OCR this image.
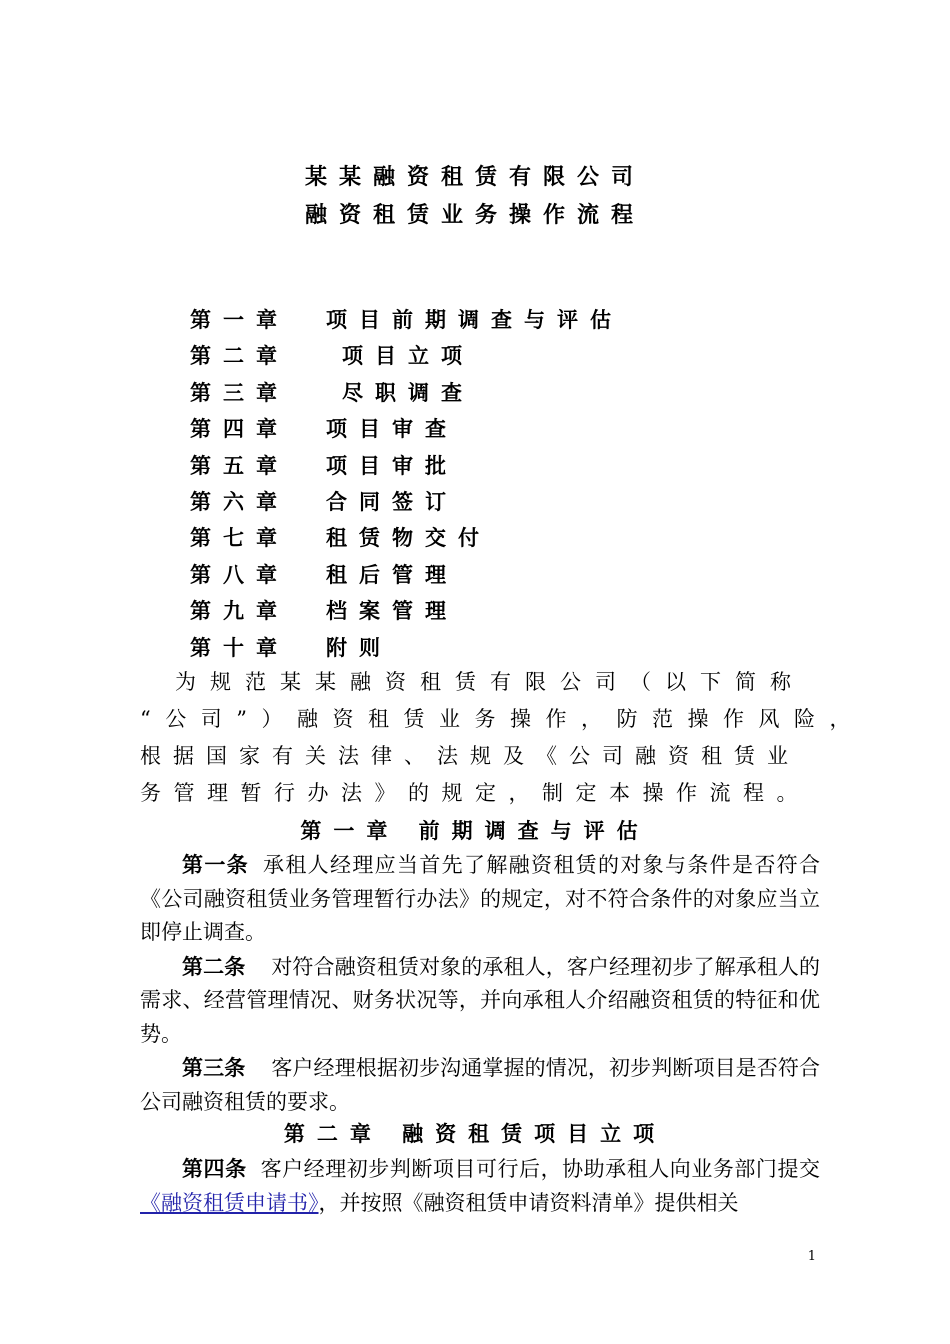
某某融资租赁有限公司
融资租赁业务操作流程
第一章 项目前期调查与评估
第二章	项目立项
第三章	尽职调查
第四章 项目审查
第五章 项目审批
第六章 合同签订
第七章 租赁物交付
第八章 租后管理
第九章 档案管理
第十章 附则
　为规范某某融资租赁有限公司（以下简称
“公司”）融资租赁业务操作，防范操作风险，
根据国家有关法律、法规及《公司融资租赁业
务管理暂行办法》的规定，制定本操作流程。
第一章 前期调查与评估

第一条 承租人经理应当首先了解融资租赁的对象与条件是否符合《公司融资租赁业务管理暂行办法》的规定，对不符合条件的对象应当立即停止调查。

第二条 对符合融资租赁对象的承租人，客户经理初步了解承租人的需求、经营管理情况、财务状况等，并向承租人介绍融资租赁的特征和优势。

第三条 客户经理根据初步沟通掌握的情况，初步判断项目是否符合公司融资租赁的要求。

第二章 融资租赁项目立项

第四条 客户经理初步判断项目可行后，协助承租人向业务部门提交《融资租赁申请书》，并按照《融资租赁申请资料清单》提供相关

1
